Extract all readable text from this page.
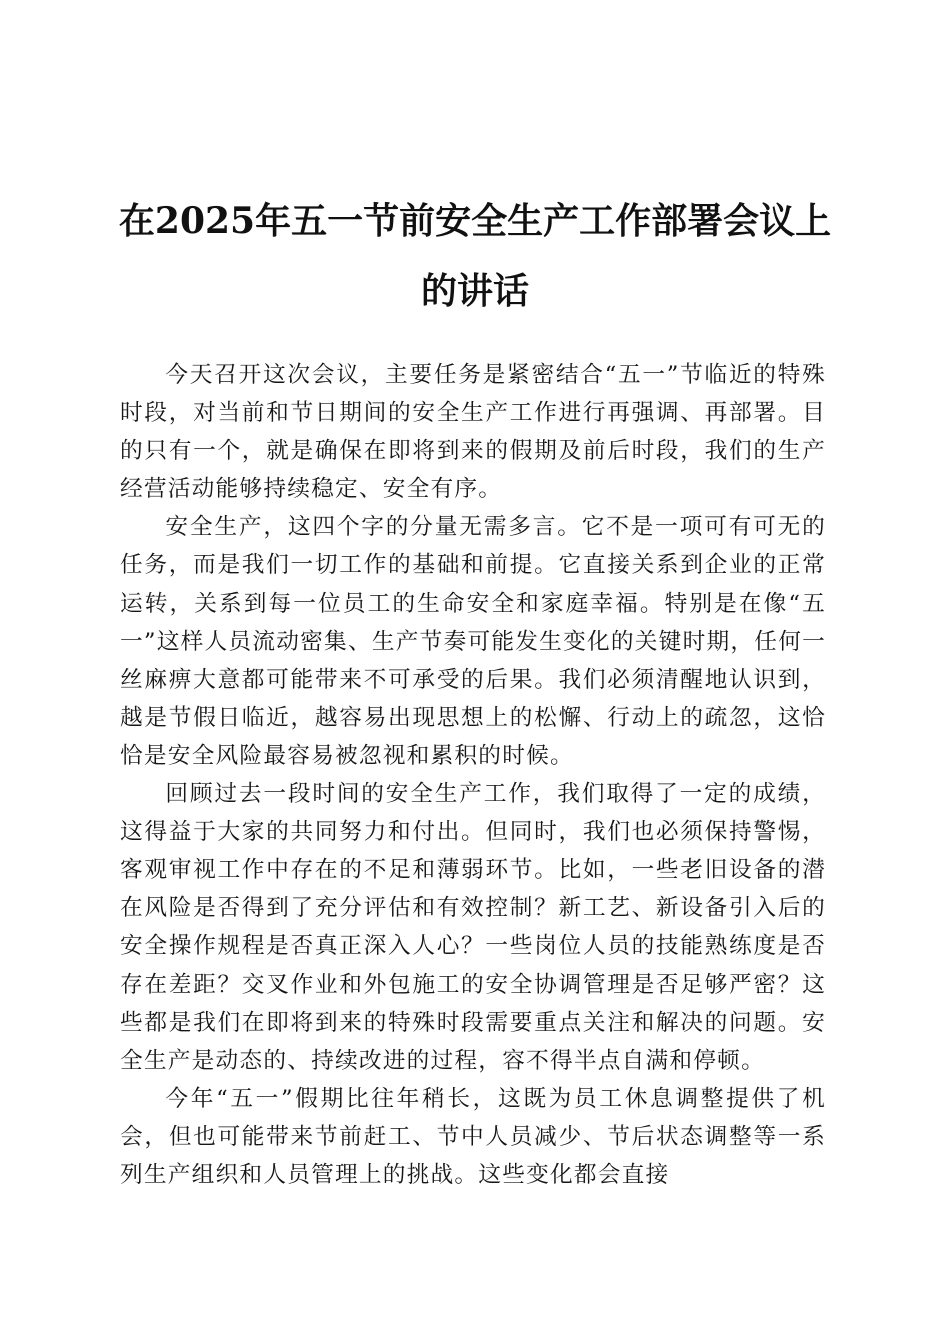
在2025年五一节前安全生产工作部署会议上
的讲话

今天召开这次会议，主要任务是紧密结合“五一”节临近的特殊时段，对当前和节日期间的安全生产工作进行再强调、再部署。目的只有一个，就是确保在即将到来的假期及前后时段，我们的生产经营活动能够持续稳定、安全有序。

安全生产，这四个字的分量无需多言。它不是一项可有可无的任务，而是我们一切工作的基础和前提。它直接关系到企业的正常运转，关系到每一位员工的生命安全和家庭幸福。特别是在像“五一”这样人员流动密集、生产节奏可能发生变化的关键时期，任何一丝麻痹大意都可能带来不可承受的后果。我们必须清醒地认识到，越是节假日临近，越容易出现思想上的松懈、行动上的疏忽，这恰恰是安全风险最容易被忽视和累积的时候。

回顾过去一段时间的安全生产工作，我们取得了一定的成绩，这得益于大家的共同努力和付出。但同时，我们也必须保持警惕，客观审视工作中存在的不足和薄弱环节。比如，一些老旧设备的潜在风险是否得到了充分评估和有效控制？新工艺、新设备引入后的安全操作规程是否真正深入人心？一些岗位人员的技能熟练度是否存在差距？交叉作业和外包施工的安全协调管理是否足够严密？这些都是我们在即将到来的特殊时段需要重点关注和解决的问题。安全生产是动态的、持续改进的过程，容不得半点自满和停顿。

今年“五一”假期比往年稍长，这既为员工休息调整提供了机会，但也可能带来节前赶工、节中人员减少、节后状态调整等一系列生产组织和人员管理上的挑战。这些变化都会直接
